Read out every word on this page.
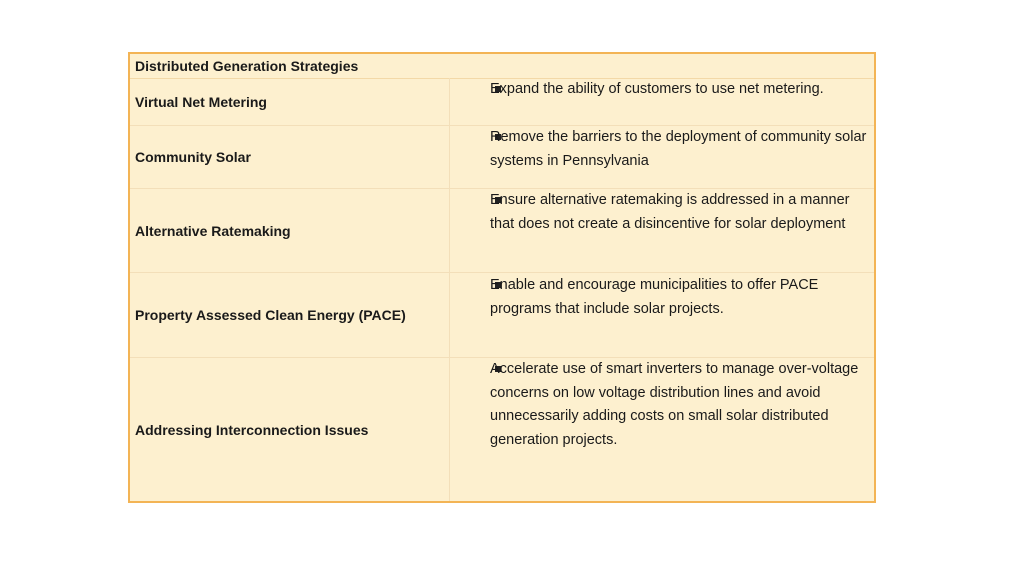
Distributed Generation Strategies
Virtual Net Metering
Community Solar
Alternative Ratemaking
Property Assessed Clean Energy (PACE)
Addressing Interconnection Issues
Expand the ability of customers to use net metering.
Remove the barriers to the deployment of community solar systems in Pennsylvania
Ensure alternative ratemaking is addressed in a manner that does not create a disincentive for solar deployment
Enable and encourage municipalities to offer PACE programs that include solar projects.
Accelerate use of smart inverters to manage over-voltage concerns on low voltage distribution lines and avoid unnecessarily adding costs on small solar distributed generation projects.
